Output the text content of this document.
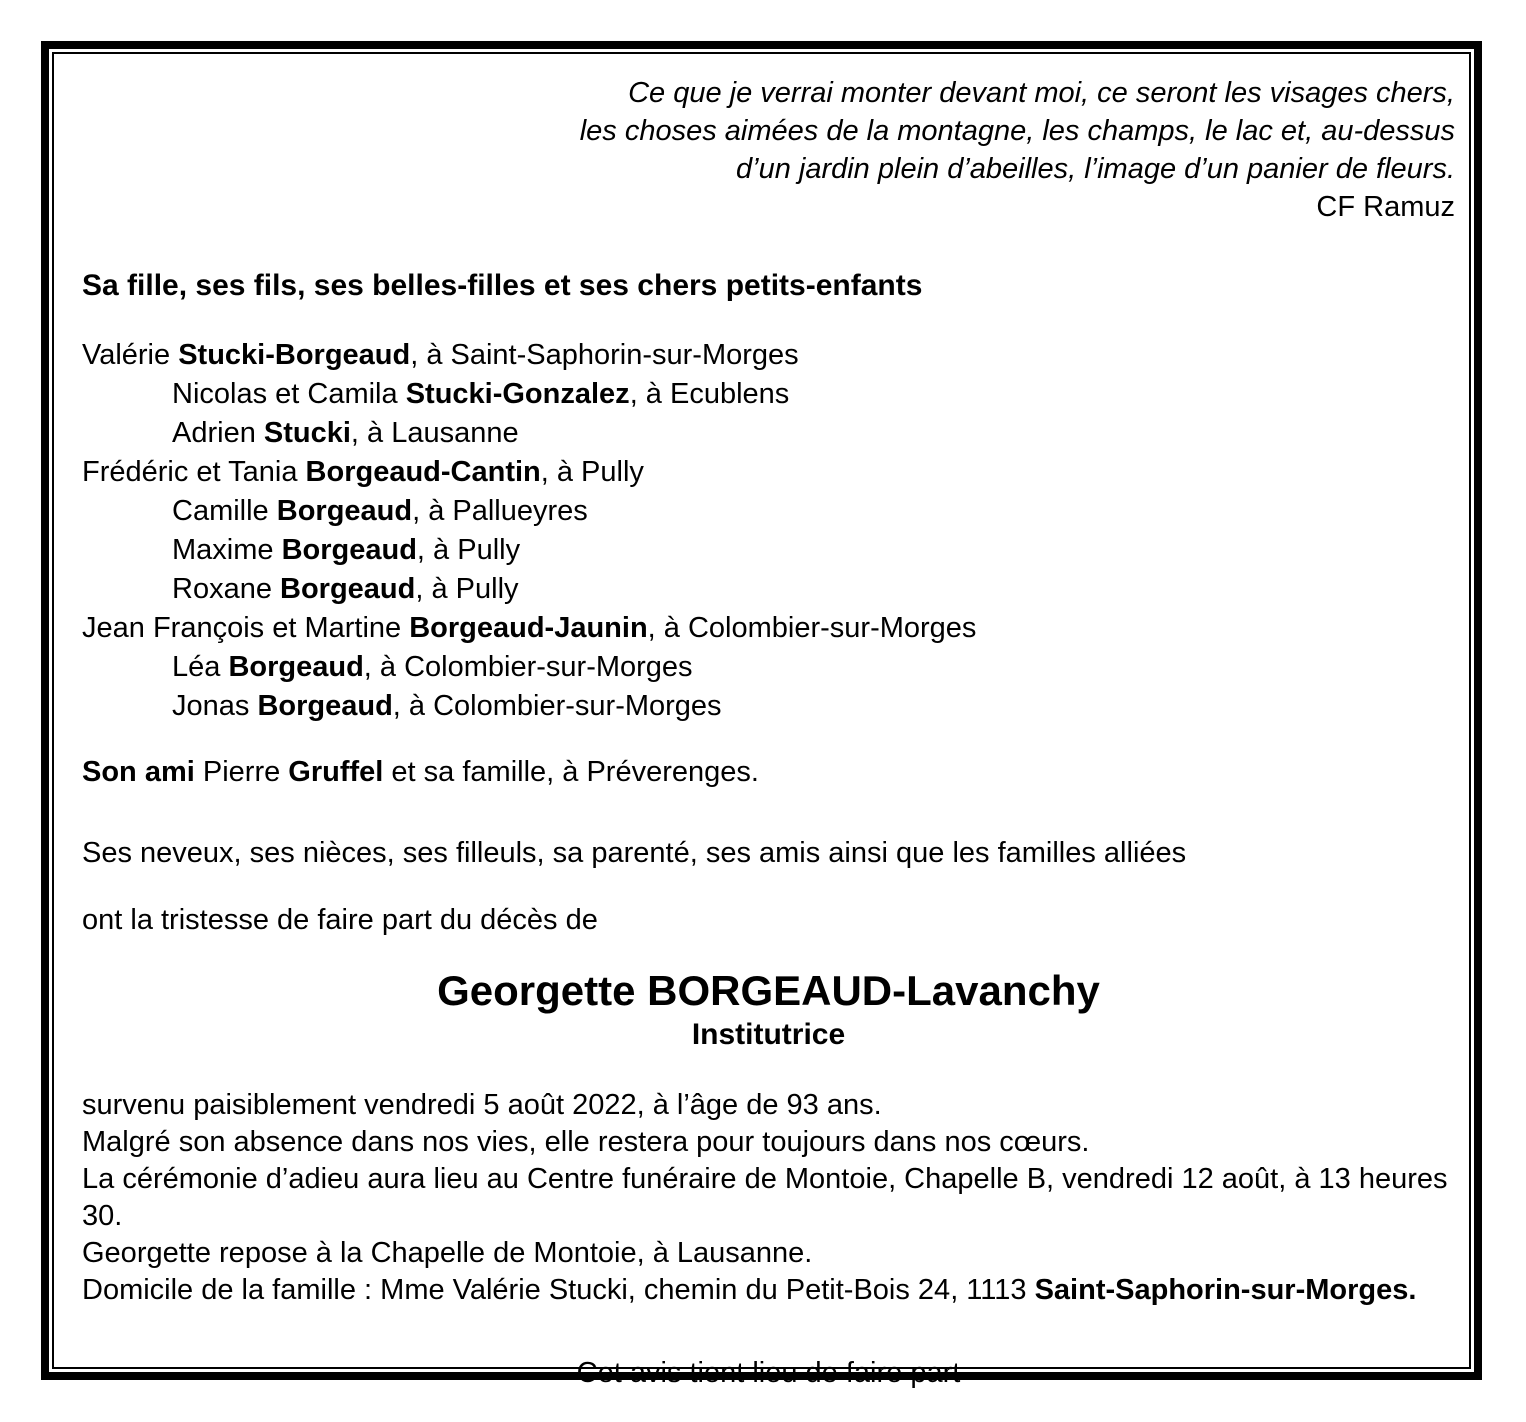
Ce que je verrai monter devant moi, ce seront les visages chers,
les choses aimées de la montagne, les champs, le lac et, au-dessus
d’un jardin plein d’abeilles, l’image d’un panier de fleurs.
CF Ramuz

Sa fille, ses fils, ses belles-filles et ses chers petits-enfants

Valérie Stucki-Borgeaud, à Saint-Saphorin-sur-Morges
Nicolas et Camila Stucki-Gonzalez, à Ecublens
Adrien Stucki, à Lausanne
Frédéric et Tania Borgeaud-Cantin, à Pully
Camille Borgeaud, à Pallueyres
Maxime Borgeaud, à Pully
Roxane Borgeaud, à Pully
Jean François et Martine Borgeaud-Jaunin, à Colombier-sur-Morges
Léa Borgeaud, à Colombier-sur-Morges
Jonas Borgeaud, à Colombier-sur-Morges

Son ami Pierre Gruffel et sa famille, à Préverenges.

Ses neveux, ses nièces, ses filleuls, sa parenté, ses amis ainsi que les familles alliées

ont la tristesse de faire part du décès de

Georgette BORGEAUD-Lavanchy
Institutrice

survenu paisiblement vendredi 5 août 2022, à l’âge de 93 ans.

Malgré son absence dans nos vies, elle restera pour toujours dans nos cœurs.

La cérémonie d’adieu aura lieu au Centre funéraire de Montoie, Chapelle B, vendredi 12 août, à 13 heures 30.

Georgette repose à la Chapelle de Montoie, à Lausanne.

Domicile de la famille : Mme Valérie Stucki, chemin du Petit-Bois 24, 1113 Saint-Saphorin-sur-Morges.

Cet avis tient lieu de faire part
